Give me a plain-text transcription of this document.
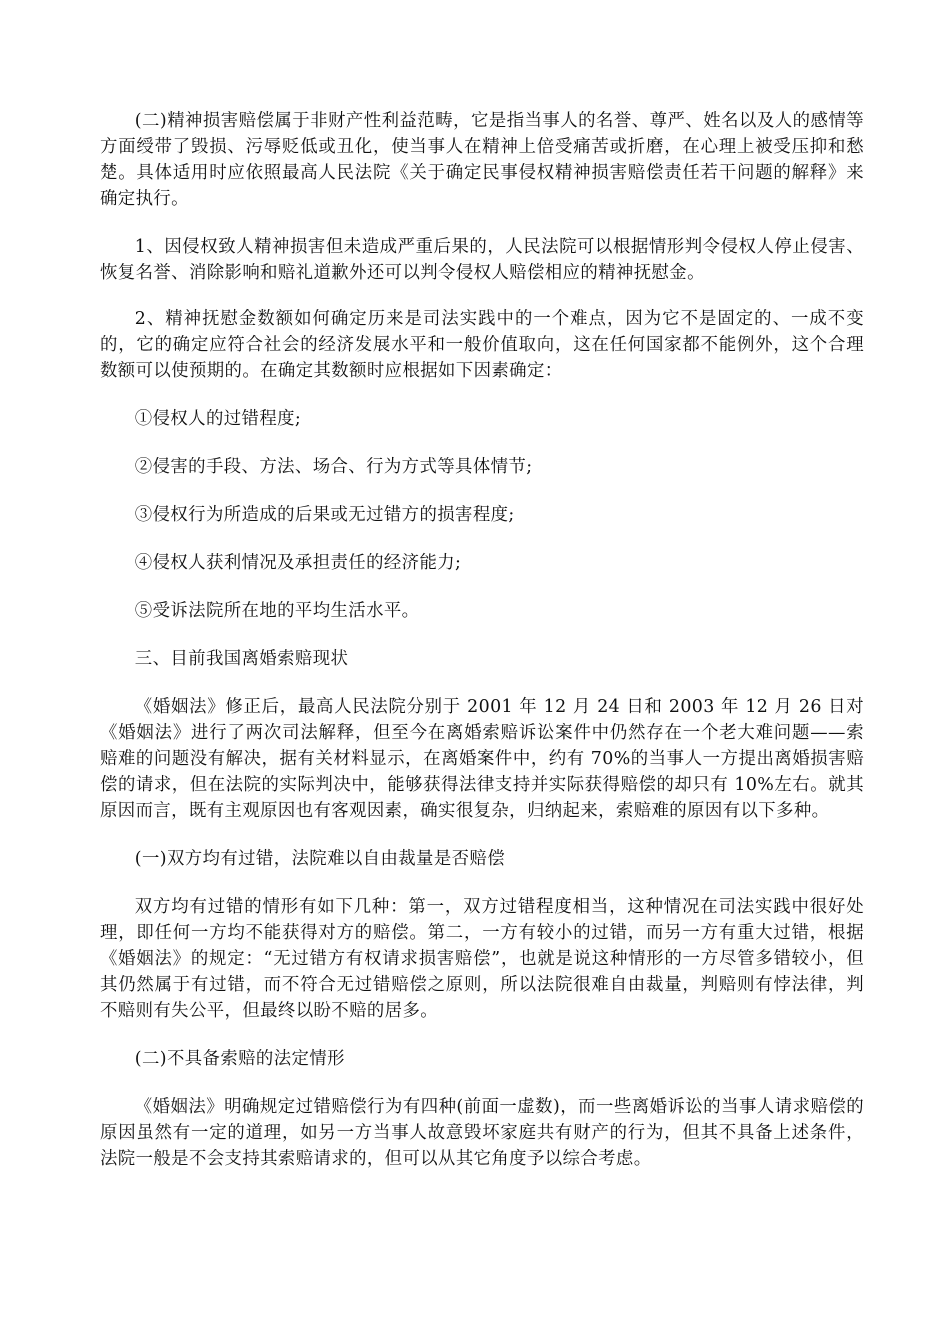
(二)精神损害赔偿属于非财产性利益范畴，它是指当事人的名誉、尊严、姓名以及人的感情等方面绶带了毁损、污辱贬低或丑化，使当事人在精神上倍受痛苦或折磨，在心理上被受压抑和愁楚。具体适用时应依照最高人民法院《关于确定民事侵权精神损害赔偿责任若干问题的解释》来确定执行。

1、因侵权致人精神损害但未造成严重后果的，人民法院可以根据情形判令侵权人停止侵害、恢复名誉、消除影响和赔礼道歉外还可以判令侵权人赔偿相应的精神抚慰金。

2、精神抚慰金数额如何确定历来是司法实践中的一个难点，因为它不是固定的、一成不变的，它的确定应符合社会的经济发展水平和一般价值取向，这在任何国家都不能例外，这个合理数额可以使预期的。在确定其数额时应根据如下因素确定：

①侵权人的过错程度;

②侵害的手段、方法、场合、行为方式等具体情节;

③侵权行为所造成的后果或无过错方的损害程度;

④侵权人获利情况及承担责任的经济能力;

⑤受诉法院所在地的平均生活水平。

三、目前我国离婚索赔现状

《婚姻法》修正后，最高人民法院分别于 2001 年 12 月 24 日和 2003 年 12 月 26 日对《婚姻法》进行了两次司法解释，但至今在离婚索赔诉讼案件中仍然存在一个老大难问题——索赔难的问题没有解决，据有关材料显示，在离婚案件中，约有 70%的当事人一方提出离婚损害赔偿的请求，但在法院的实际判决中，能够获得法律支持并实际获得赔偿的却只有 10%左右。就其原因而言，既有主观原因也有客观因素，确实很复杂，归纳起来，索赔难的原因有以下多种。

(一)双方均有过错，法院难以自由裁量是否赔偿

双方均有过错的情形有如下几种：第一，双方过错程度相当，这种情况在司法实践中很好处理，即任何一方均不能获得对方的赔偿。第二，一方有较小的过错，而另一方有重大过错，根据《婚姻法》的规定：“无过错方有权请求损害赔偿”，也就是说这种情形的一方尽管多错较小，但其仍然属于有过错，而不符合无过错赔偿之原则，所以法院很难自由裁量，判赔则有悖法律，判不赔则有失公平，但最终以盼不赔的居多。

(二)不具备索赔的法定情形

《婚姻法》明确规定过错赔偿行为有四种(前面一虚数)，而一些离婚诉讼的当事人请求赔偿的原因虽然有一定的道理，如另一方当事人故意毁坏家庭共有财产的行为，但其不具备上述条件，法院一般是不会支持其索赔请求的，但可以从其它角度予以综合考虑。
